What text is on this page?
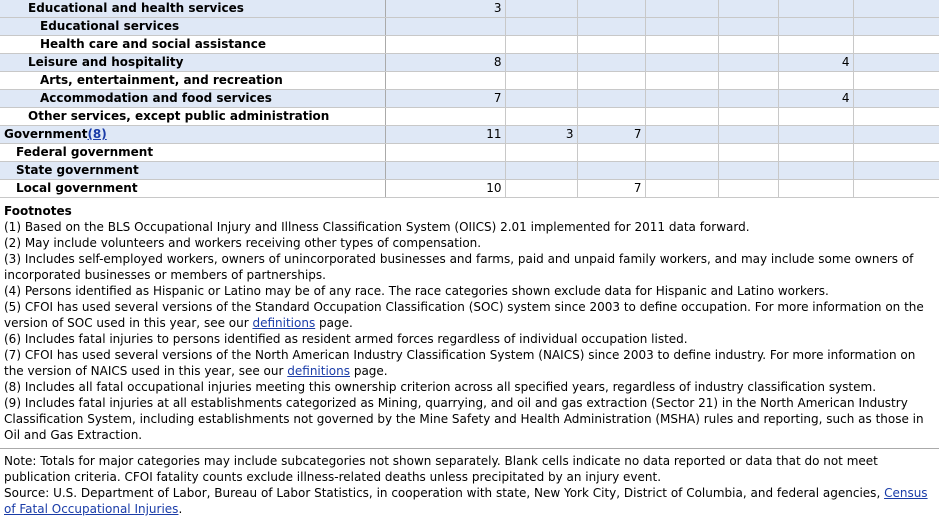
Educational and health services	3						
Educational services							
Health care and social assistance							
Leisure and hospitality	8					4	
Arts, entertainment, and recreation							
Accommodation and food services	7					4	
Other services, except public administration							
Government(8)	11	3	7				
Federal government							
State government							
Local government	10		7				
Footnotes
(1) Based on the BLS Occupational Injury and Illness Classification System (OIICS) 2.01 implemented for 2011 data forward.
(2) May include volunteers and workers receiving other types of compensation.
(3) Includes self-employed workers, owners of unincorporated businesses and farms, paid and unpaid family workers, and may include some owners of incorporated businesses or members of partnerships.
(4) Persons identified as Hispanic or Latino may be of any race. The race categories shown exclude data for Hispanic and Latino workers.
(5) CFOI has used several versions of the Standard Occupation Classification (SOC) system since 2003 to define occupation. For more information on the version of SOC used in this year, see our definitions page.
(6) Includes fatal injuries to persons identified as resident armed forces regardless of individual occupation listed.
(7) CFOI has used several versions of the North American Industry Classification System (NAICS) since 2003 to define industry. For more information on the version of NAICS used in this year, see our definitions page.
(8) Includes all fatal occupational injuries meeting this ownership criterion across all specified years, regardless of industry classification system.
(9) Includes fatal injuries at all establishments categorized as Mining, quarrying, and oil and gas extraction (Sector 21) in the North American Industry Classification System, including establishments not governed by the Mine Safety and Health Administration (MSHA) rules and reporting, such as those in Oil and Gas Extraction.
Note: Totals for major categories may include subcategories not shown separately. Blank cells indicate no data reported or data that do not meet publication criteria. CFOI fatality counts exclude illness-related deaths unless precipitated by an injury event.
Source: U.S. Department of Labor, Bureau of Labor Statistics, in cooperation with state, New York City, District of Columbia, and federal agencies, Census of Fatal Occupational Injuries.
